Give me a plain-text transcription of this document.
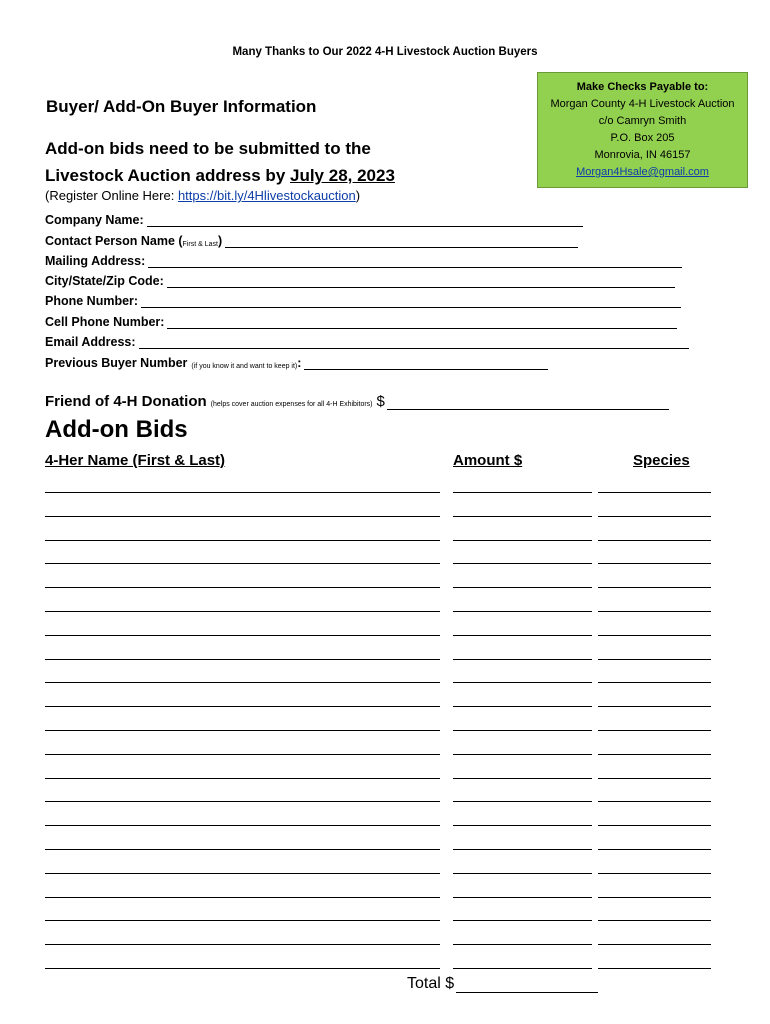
Many Thanks to Our 2022 4-H Livestock Auction Buyers
Make Checks Payable to:
Morgan County 4-H Livestock Auction
c/o Camryn Smith
P.O. Box 205
Monrovia, IN 46157
Morgan4Hsale@gmail.com
Buyer/ Add-On Buyer Information
Add-on bids need to be submitted to the
Livestock Auction address by July 28, 2023
(Register Online Here: https://bit.ly/4Hlivestockauction)
Company Name:
Contact Person Name ( First & Last )
Mailing Address:
City/State/Zip Code:
Phone Number:
Cell Phone Number:
Email Address:
Previous Buyer Number (if you know it and want to keep it) :
Friend of 4-H Donation (helps cover auction expenses for all 4-H Exhibitors) $
Add-on Bids
4-Her Name (First & Last)	Amount $	Species
Total $
